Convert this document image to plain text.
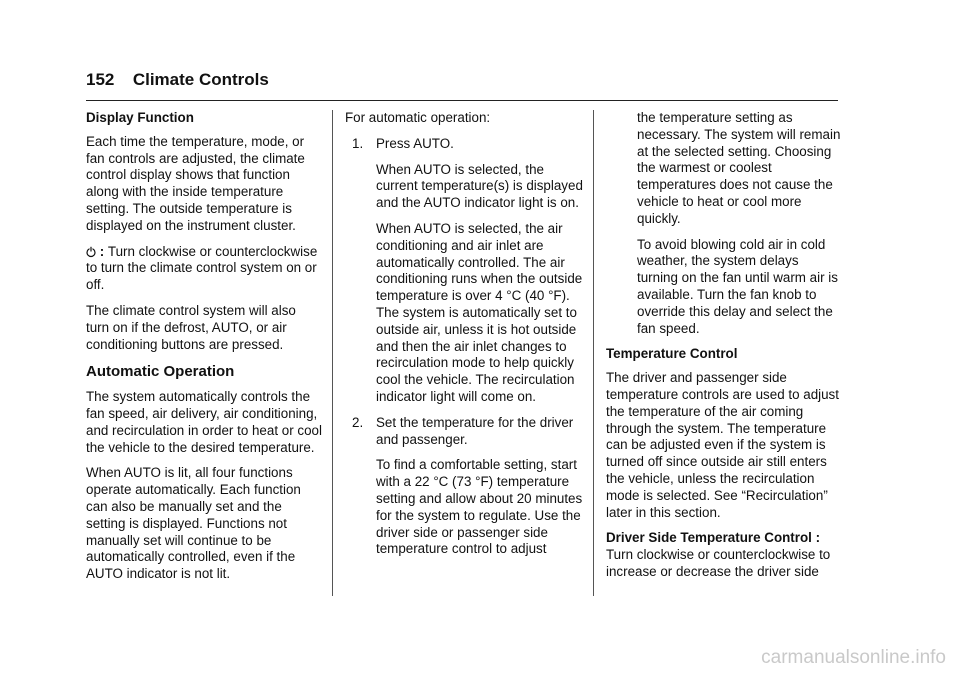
152 Climate Controls

Display Function
Each time the temperature, mode, or fan controls are adjusted, the climate control display shows that function along with the inside temperature setting. The outside temperature is displayed on the instrument cluster.

: Turn clockwise or counterclockwise to turn the climate control system on or off.

The climate control system will also turn on if the defrost, AUTO, or air conditioning buttons are pressed.

Automatic Operation

The system automatically controls the fan speed, air delivery, air conditioning, and recirculation in order to heat or cool the vehicle to the desired temperature.

When AUTO is lit, all four functions operate automatically. Each function can also be manually set and the setting is displayed. Functions not manually set will continue to be automatically controlled, even if the AUTO indicator is not lit.

For automatic operation:

1. Press AUTO.

When AUTO is selected, the current temperature(s) is displayed and the AUTO indicator light is on.

When AUTO is selected, the air conditioning and air inlet are automatically controlled. The air conditioning runs when the outside temperature is over 4 °C (40 °F). The system is automatically set to outside air, unless it is hot outside and then the air inlet changes to recirculation mode to help quickly cool the vehicle. The recirculation indicator light will come on.

2. Set the temperature for the driver and passenger.

To find a comfortable setting, start with a 22 °C (73 °F) temperature setting and allow about 20 minutes for the system to regulate. Use the driver side or passenger side temperature control to adjust

the temperature setting as necessary. The system will remain at the selected setting. Choosing the warmest or coolest temperatures does not cause the vehicle to heat or cool more quickly.

To avoid blowing cold air in cold weather, the system delays turning on the fan until warm air is available. Turn the fan knob to override this delay and select the fan speed.

Temperature Control
The driver and passenger side temperature controls are used to adjust the temperature of the air coming through the system. The temperature can be adjusted even if the system is turned off since outside air still enters the vehicle, unless the recirculation mode is selected. See “Recirculation” later in this section.

Driver Side Temperature Control : Turn clockwise or counterclockwise to increase or decrease the driver side

carmanualsonline.info
